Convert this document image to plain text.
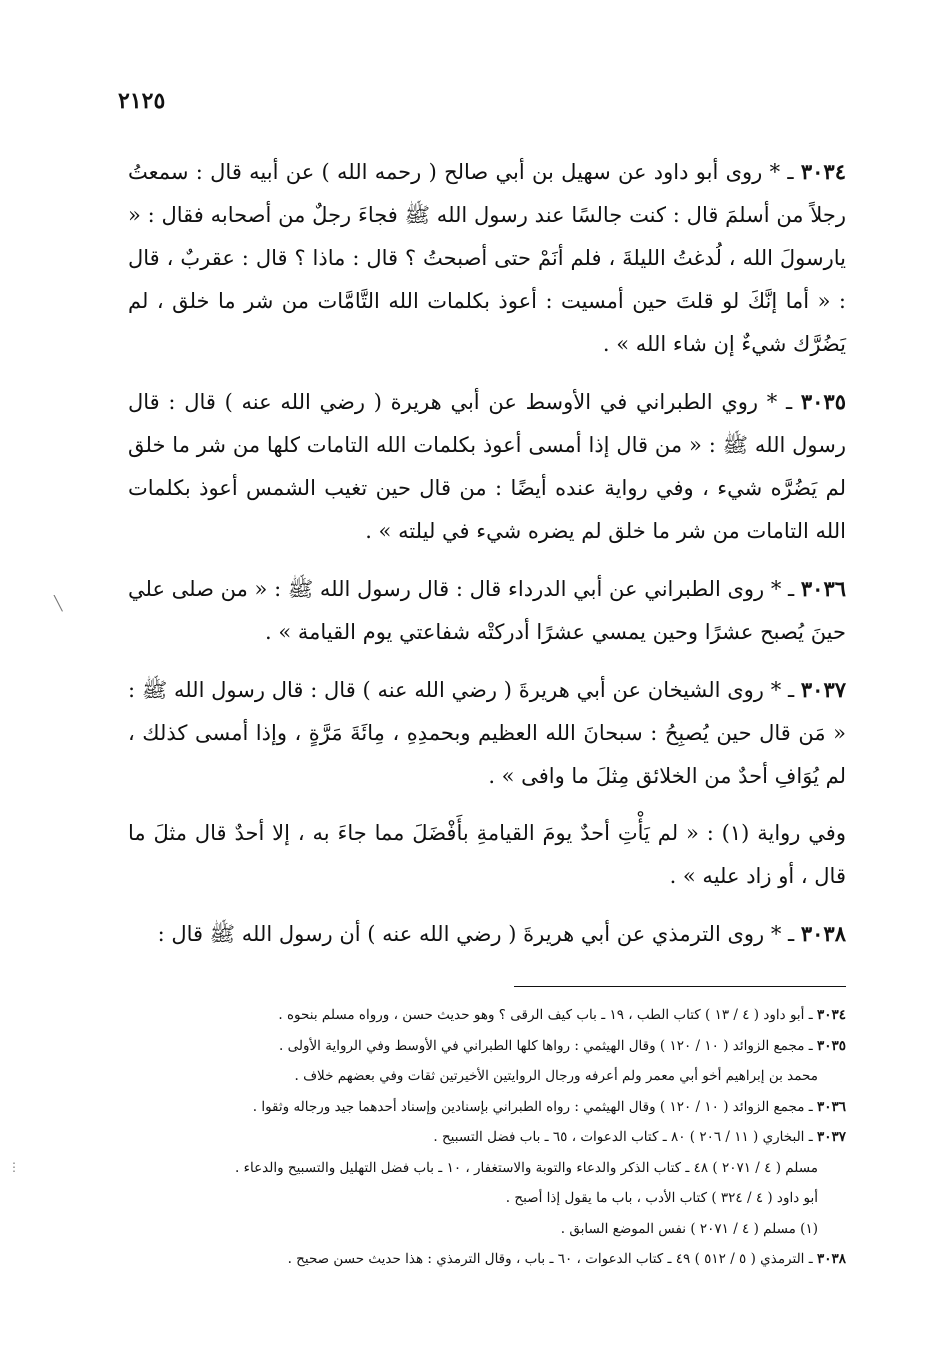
٢١٢٥

٣٠٣٤ ـ * روى أبو داود عن سهيل بن أبي صالح ( رحمه الله ) عن أبيه قال : سمعتُ رجلاً من أسلمَ قال : كنت جالسًا عند رسول الله ﷺ فجاءَ رجلٌ من أصحابه فقال : « يارسولَ الله ، لُدغتُ الليلةَ ، فلم أنَمْ حتى أصبحتُ ؟ قال : ماذا ؟ قال : عقربٌ ، قال : « أما إنَّكَ لو قلتَ حين أمسيت : أعوذ بكلمات الله التَّامَّات من شر ما خلق ، لم يَضُرَّك شيءٌ إن شاء الله » .

٣٠٣٥ ـ * روي الطبراني في الأوسط عن أبي هريرة ( رضي الله عنه ) قال : قال رسول الله ﷺ : « من قال إذا أمسى أعوذ بكلمات الله التامات كلها من شر ما خلق لم يَضُرَّه شيء ، وفي رواية عنده أيضًا : من قال حين تغيب الشمس أعوذ بكلمات الله التامات من شر ما خلق لم يضره شيء في ليلته » .

٣٠٣٦ ـ * روى الطبراني عن أبي الدرداء قال : قال رسول الله ﷺ : « من صلى علي حينَ يُصبح عشرًا وحين يمسي عشرًا أدركتْه شفاعتي يوم القيامة » .

٣٠٣٧ ـ * روى الشيخان عن أبي هريرةَ ( رضي الله عنه ) قال : قال رسول الله ﷺ : « مَن قال حين يُصبِحُ : سبحانَ الله العظيم وبحمدِهِ ، مِائَةَ مَرَّةٍ ، وإذا أمسى كذلك ، لم يُوَافِ أحدٌ من الخلائق مِثلَ ما وافى » .

وفي رواية (١) : « لم يَأْتِ أحدٌ يومَ القيامةِ بأَفْضَلَ مما جاءَ به ، إلا أحدٌ قال مثلَ ما قال ، أو زاد عليه » .

٣٠٣٨ ـ * روى الترمذي عن أبي هريرةَ ( رضي الله عنه ) أن رسول الله ﷺ قال :

٣٠٣٤ ـ أبو داود ( ٤ / ١٣ ) كتاب الطب ، ١٩ ـ باب كيف الرقى ؟ وهو حديث حسن ، ورواه مسلم بنحوه .
٣٠٣٥ ـ مجمع الزوائد ( ١٠ / ١٢٠ ) وقال الهيثمي : رواها كلها الطبراني في الأوسط وفي الرواية الأولى .
محمد بن إبراهيم أخو أبي معمر ولم أعرفه ورجال الروايتين الأخيرتين ثقات وفي بعضهم خلاف .
٣٠٣٦ ـ مجمع الزوائد ( ١٠ / ١٢٠ ) وقال الهيثمي : رواه الطبراني بإسنادين وإسناد أحدهما جيد ورجاله وثقوا .
٣٠٣٧ ـ البخاري ( ١١ / ٢٠٦ ) ٨٠ ـ كتاب الدعوات ، ٦٥ ـ باب فضل التسبيح .
مسلم ( ٤ / ٢٠٧١ ) ٤٨ ـ كتاب الذكر والدعاء والتوبة والاستغفار ، ١٠ ـ باب فضل التهليل والتسبيح والدعاء .
أبو داود ( ٤ / ٣٢٤ ) كتاب الأدب ، باب ما يقول إذا أصبح .
(١) مسلم ( ٤ / ٢٠٧١ ) نفس الموضع السابق .
٣٠٣٨ ـ الترمذي ( ٥ / ٥١٢ ) ٤٩ ـ كتاب الدعوات ، ٦٠ ـ باب ، وقال الترمذي : هذا حديث حسن صحيح .
╲
⋮
